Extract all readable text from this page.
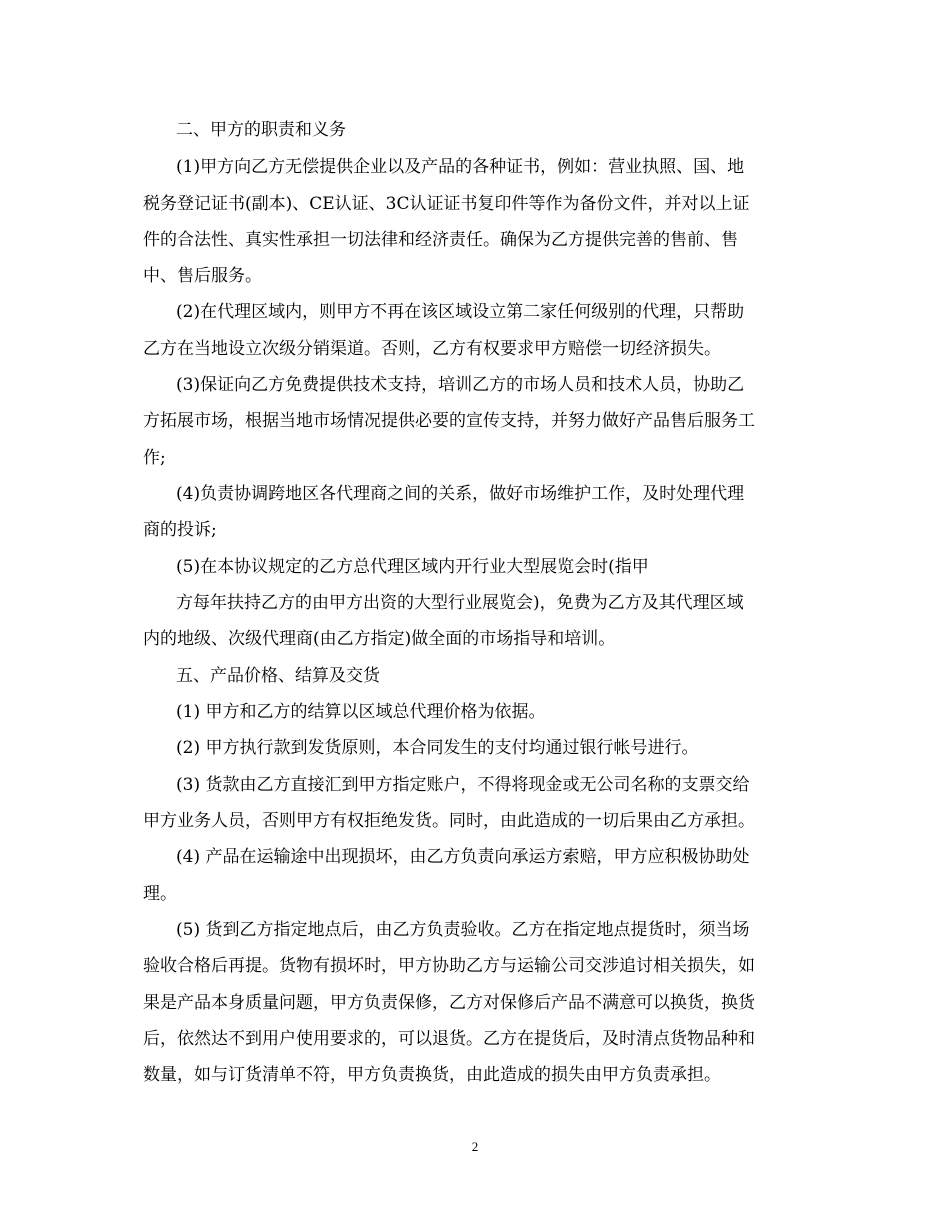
二、甲方的职责和义务
(1)甲方向乙方无偿提供企业以及产品的各种证书，例如：营业执照、国、地
税务登记证书(副本)、CE认证、3C认证证书复印件等作为备份文件，并对以上证
件的合法性、真实性承担一切法律和经济责任。确保为乙方提供完善的售前、售
中、售后服务。
(2)在代理区域内，则甲方不再在该区域设立第二家任何级别的代理，只帮助
乙方在当地设立次级分销渠道。否则，乙方有权要求甲方赔偿一切经济损失。
(3)保证向乙方免费提供技术支持，培训乙方的市场人员和技术人员，协助乙
方拓展市场，根据当地市场情况提供必要的宣传支持，并努力做好产品售后服务工
作;
(4)负责协调跨地区各代理商之间的关系，做好市场维护工作，及时处理代理
商的投诉;
(5)在本协议规定的乙方总代理区域内开行业大型展览会时(指甲
方每年扶持乙方的由甲方出资的大型行业展览会)，免费为乙方及其代理区域
内的地级、次级代理商(由乙方指定)做全面的市场指导和培训。
五、产品价格、结算及交货
(1) 甲方和乙方的结算以区域总代理价格为依据。
(2) 甲方执行款到发货原则，本合同发生的支付均通过银行帐号进行。
(3) 货款由乙方直接汇到甲方指定账户，不得将现金或无公司名称的支票交给
甲方业务人员，否则甲方有权拒绝发货。同时，由此造成的一切后果由乙方承担。
(4) 产品在运输途中出现损坏，由乙方负责向承运方索赔，甲方应积极协助处
理。
(5) 货到乙方指定地点后，由乙方负责验收。乙方在指定地点提货时，须当场
验收合格后再提。货物有损坏时，甲方协助乙方与运输公司交涉追讨相关损失，如
果是产品本身质量问题，甲方负责保修，乙方对保修后产品不满意可以换货，换货
后，依然达不到用户使用要求的，可以退货。乙方在提货后，及时清点货物品种和
数量，如与订货清单不符，甲方负责换货，由此造成的损失由甲方负责承担。
2
